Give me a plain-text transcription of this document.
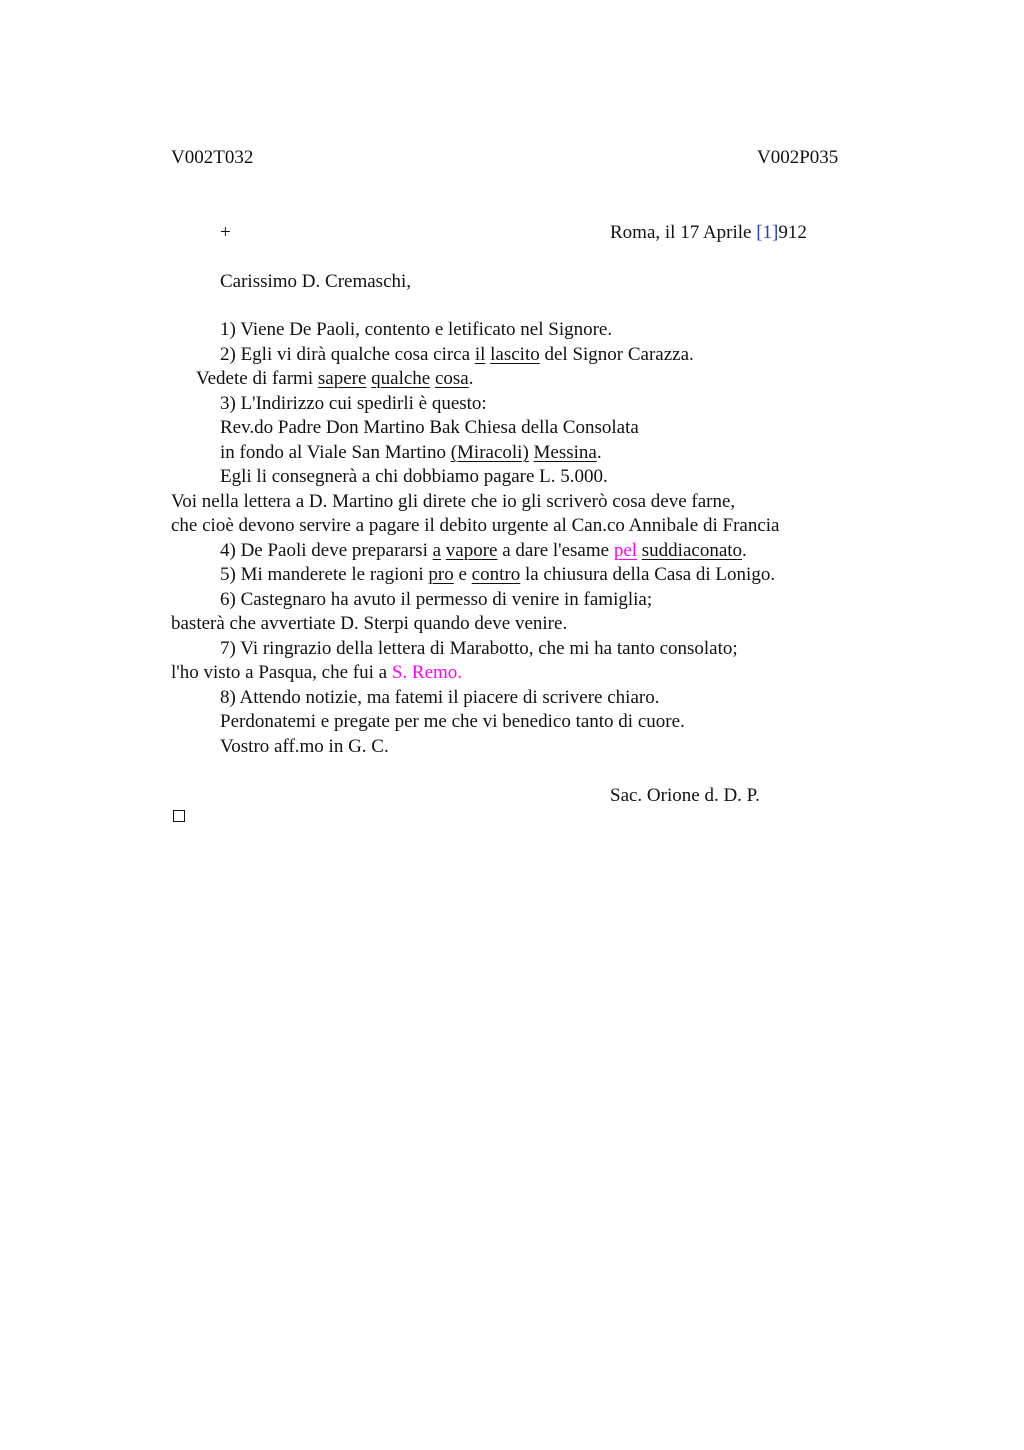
V002T032	V002P035
+	Roma, il 17 Aprile [1]912
Carissimo D. Cremaschi,
1) Viene De Paoli, contento e letificato nel Signore.
2) Egli vi dirà qualche cosa circa il lascito del Signor Carazza.
Vedete di farmi sapere qualche cosa.
3) L'Indirizzo cui spedirli è questo:
Rev.do Padre Don Martino Bak Chiesa della Consolata
in fondo al Viale San Martino (Miracoli) Messina.
Egli li consegnerà a chi dobbiamo pagare L. 5.000.
Voi nella lettera a D. Martino gli direte che io gli scriverò cosa deve farne,
che cioè devono servire a pagare il debito urgente al Can.co Annibale di Francia
4) De Paoli deve prepararsi a vapore a dare l'esame pel suddiaconato.
5) Mi manderete le ragioni pro e contro la chiusura della Casa di Lonigo.
6) Castegnaro ha avuto il permesso di venire in famiglia;
basterà che avvertiate D. Sterpi quando deve venire.
7) Vi ringrazio della lettera di Marabotto, che mi ha tanto consolato;
l'ho visto a Pasqua, che fui a S. Remo.
8) Attendo notizie, ma fatemi il piacere di scrivere chiaro.
Perdonatemi e pregate per me che vi benedico tanto di cuore.
Vostro aff.mo in G. C.
Sac. Orione d. D. P.
